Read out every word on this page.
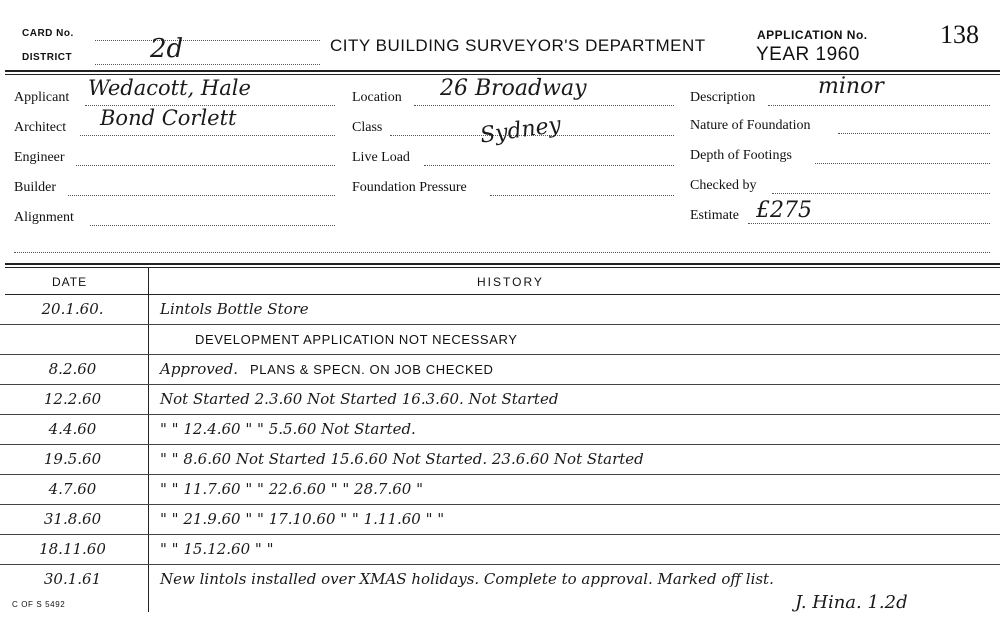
CARD No.
DISTRICT	2d	CITY BUILDING SURVEYOR'S DEPARTMENT
APPLICATION No.
YEAR 1960
138
Applicant Wedacott, Hale
Architect Bond Corlett
Engineer
Builder
Alignment
Location 26 Broadway
Class	Sydney
Live Load
Foundation Pressure
Description	minor
Nature of Foundation
Depth of Footings
Checked by
Estimate £275
DATE	HISTORY
20.1.60.	Lintols Bottle Store
DEVELOPMENT APPLICATION NOT NECESSARY
8.2.60	Approved. PLANS & SPECN. ON JOB CHECKED
12.2.60	Not Started 2.3.60 Not Started 16.3.60. Not Started
4.4.60	" " 12.4.60 " " 5.5.60 Not Started.
19.5.60	" " 8.6.60 Not Started 15.6.60 Not Started. 23.6.60 Not Started
4.7.60	" " 11.7.60 " " 22.6.60 " " 28.7.60 "
31.8.60	" " 21.9.60 " " 17.10.60 " " 1.11.60 " "
18.11.60	" " 15.12.60 " "
30.1.61	New lintols installed over XMAS holidays. Complete to approval. Marked off list.
J. Hina. 1.2d
C OF S 5492
